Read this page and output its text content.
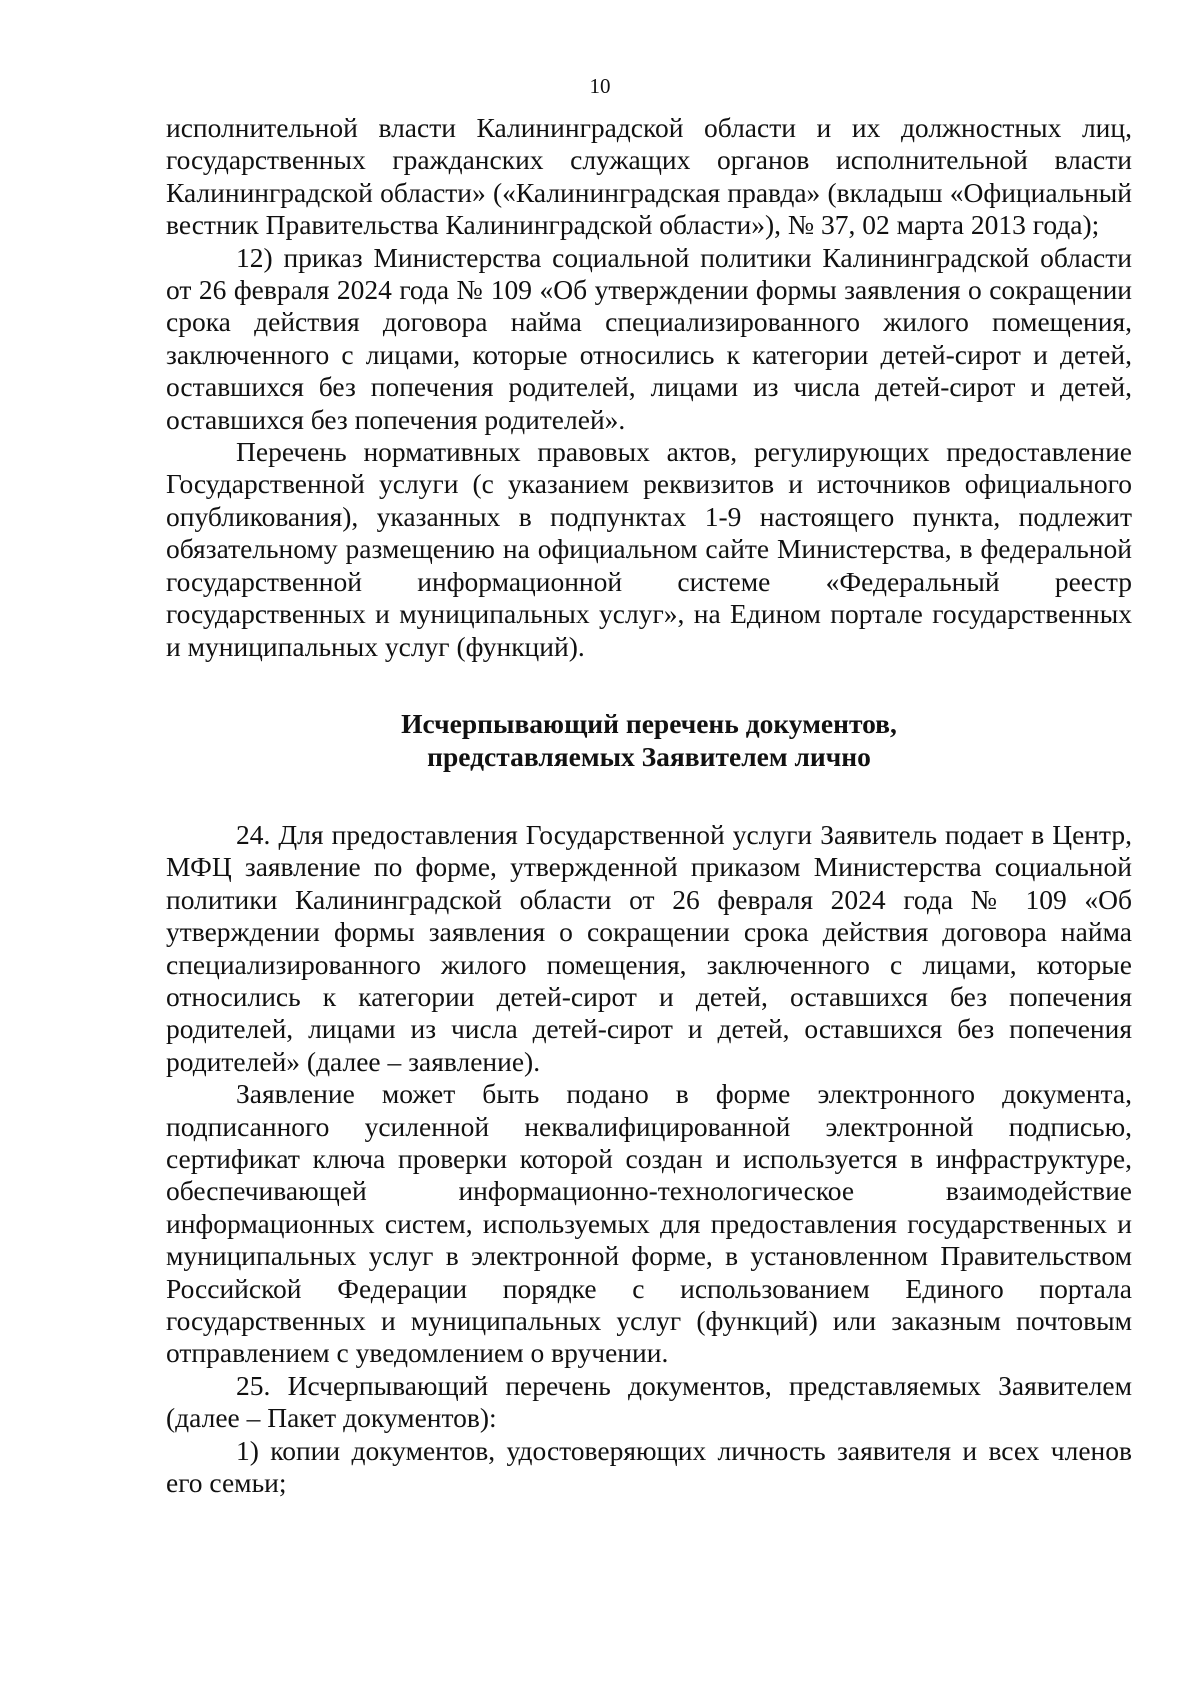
10

исполнительной власти Калининградской области и их должностных лиц, государственных гражданских служащих органов исполнительной власти Калининградской области» («Калининградская правда» (вкладыш «Официальный вестник Правительства Калининградской области»), № 37, 02 марта 2013 года);

12) приказ Министерства социальной политики Калининградской области от 26 февраля 2024 года № 109 «Об утверждении формы заявления о сокращении срока действия договора найма специализированного жилого помещения, заключенного с лицами, которые относились к категории детей-сирот и детей, оставшихся без попечения родителей, лицами из числа детей-сирот и детей, оставшихся без попечения родителей».

Перечень нормативных правовых актов, регулирующих предоставление Государственной услуги (с указанием реквизитов и источников официального опубликования), указанных в подпунктах 1-9 настоящего пункта, подлежит обязательному размещению на официальном сайте Министерства, в федеральной государственной информационной системе «Федеральный реестр государственных и муниципальных услуг», на Едином портале государственных и муниципальных услуг (функций).

Исчерпывающий перечень документов,
представляемых Заявителем лично

24. Для предоставления Государственной услуги Заявитель подает в Центр, МФЦ заявление по форме, утвержденной приказом Министерства социальной политики Калининградской области от 26 февраля 2024 года № 109 «Об утверждении формы заявления о сокращении срока действия договора найма специализированного жилого помещения, заключенного с лицами, которые относились к категории детей-сирот и детей, оставшихся без попечения родителей, лицами из числа детей-сирот и детей, оставшихся без попечения родителей» (далее – заявление).

Заявление может быть подано в форме электронного документа, подписанного усиленной неквалифицированной электронной подписью, сертификат ключа проверки которой создан и используется в инфраструктуре, обеспечивающей информационно-технологическое взаимодействие информационных систем, используемых для предоставления государственных и муниципальных услуг в электронной форме, в установленном Правительством Российской Федерации порядке с использованием Единого портала государственных и муниципальных услуг (функций) или заказным почтовым отправлением с уведомлением о вручении.

25. Исчерпывающий перечень документов, представляемых Заявителем (далее – Пакет документов):

1) копии документов, удостоверяющих личность заявителя и всех членов его семьи;
